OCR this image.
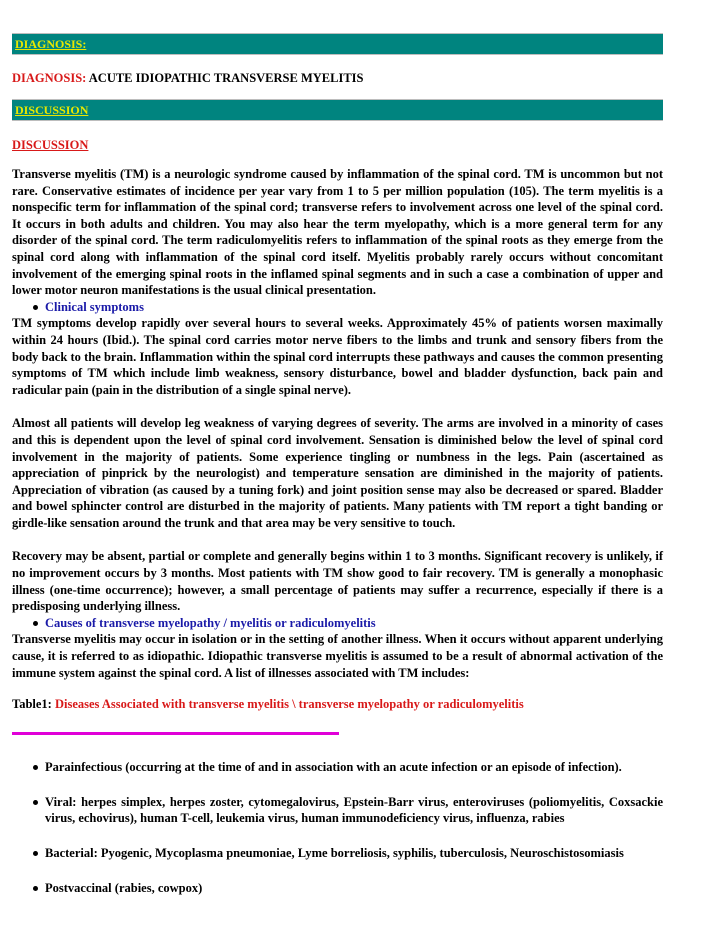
DIAGNOSIS:
DIAGNOSIS: ACUTE IDIOPATHIC TRANSVERSE MYELITIS
DISCUSSION
DISCUSSION

Transverse myelitis (TM) is a neurologic syndrome caused by inflammation of the spinal cord. TM is uncommon but not rare. Conservative estimates of incidence per year vary from 1 to 5 per million population (105). The term myelitis is a nonspecific term for inflammation of the spinal cord; transverse refers to involvement across one level of the spinal cord. It occurs in both adults and children. You may also hear the term myelopathy, which is a more general term for any disorder of the spinal cord. The term radiculomyelitis refers to inflammation of the spinal roots as they emerge from the spinal cord along with inflammation of the spinal cord itself. Myelitis probably rarely occurs without concomitant involvement of the emerging spinal roots in the inflamed spinal segments and in such a case a combination of upper and lower motor neuron manifestations is the usual clinical presentation.

Clinical symptoms

TM symptoms develop rapidly over several hours to several weeks. Approximately 45% of patients worsen maximally within 24 hours (Ibid.). The spinal cord carries motor nerve fibers to the limbs and trunk and sensory fibers from the body back to the brain. Inflammation within the spinal cord interrupts these pathways and causes the common presenting symptoms of TM which include limb weakness, sensory disturbance, bowel and bladder dysfunction, back pain and radicular pain (pain in the distribution of a single spinal nerve).

Almost all patients will develop leg weakness of varying degrees of severity. The arms are involved in a minority of cases and this is dependent upon the level of spinal cord involvement. Sensation is diminished below the level of spinal cord involvement in the majority of patients. Some experience tingling or numbness in the legs. Pain (ascertained as appreciation of pinprick by the neurologist) and temperature sensation are diminished in the majority of patients. Appreciation of vibration (as caused by a tuning fork) and joint position sense may also be decreased or spared. Bladder and bowel sphincter control are disturbed in the majority of patients. Many patients with TM report a tight banding or girdle-like sensation around the trunk and that area may be very sensitive to touch.

Recovery may be absent, partial or complete and generally begins within 1 to 3 months. Significant recovery is unlikely, if no improvement occurs by 3 months. Most patients with TM show good to fair recovery. TM is generally a monophasic illness (one-time occurrence); however, a small percentage of patients may suffer a recurrence, especially if there is a predisposing underlying illness.

Causes of transverse myelopathy / myelitis or radiculomyelitis

Transverse myelitis may occur in isolation or in the setting of another illness. When it occurs without apparent underlying cause, it is referred to as idiopathic. Idiopathic transverse myelitis is assumed to be a result of abnormal activation of the immune system against the spinal cord. A list of illnesses associated with TM includes:

Table1: Diseases Associated with transverse myelitis \ transverse myelopathy or radiculomyelitis
Parainfectious (occurring at the time of and in association with an acute infection or an episode of infection).
Viral: herpes simplex, herpes zoster, cytomegalovirus, Epstein-Barr virus, enteroviruses (poliomyelitis, Coxsackie virus, echovirus), human T-cell, leukemia virus, human immunodeficiency virus, influenza, rabies
Bacterial: Pyogenic, Mycoplasma pneumoniae, Lyme borreliosis, syphilis, tuberculosis, Neuroschistosomiasis
Postvaccinal (rabies, cowpox)
